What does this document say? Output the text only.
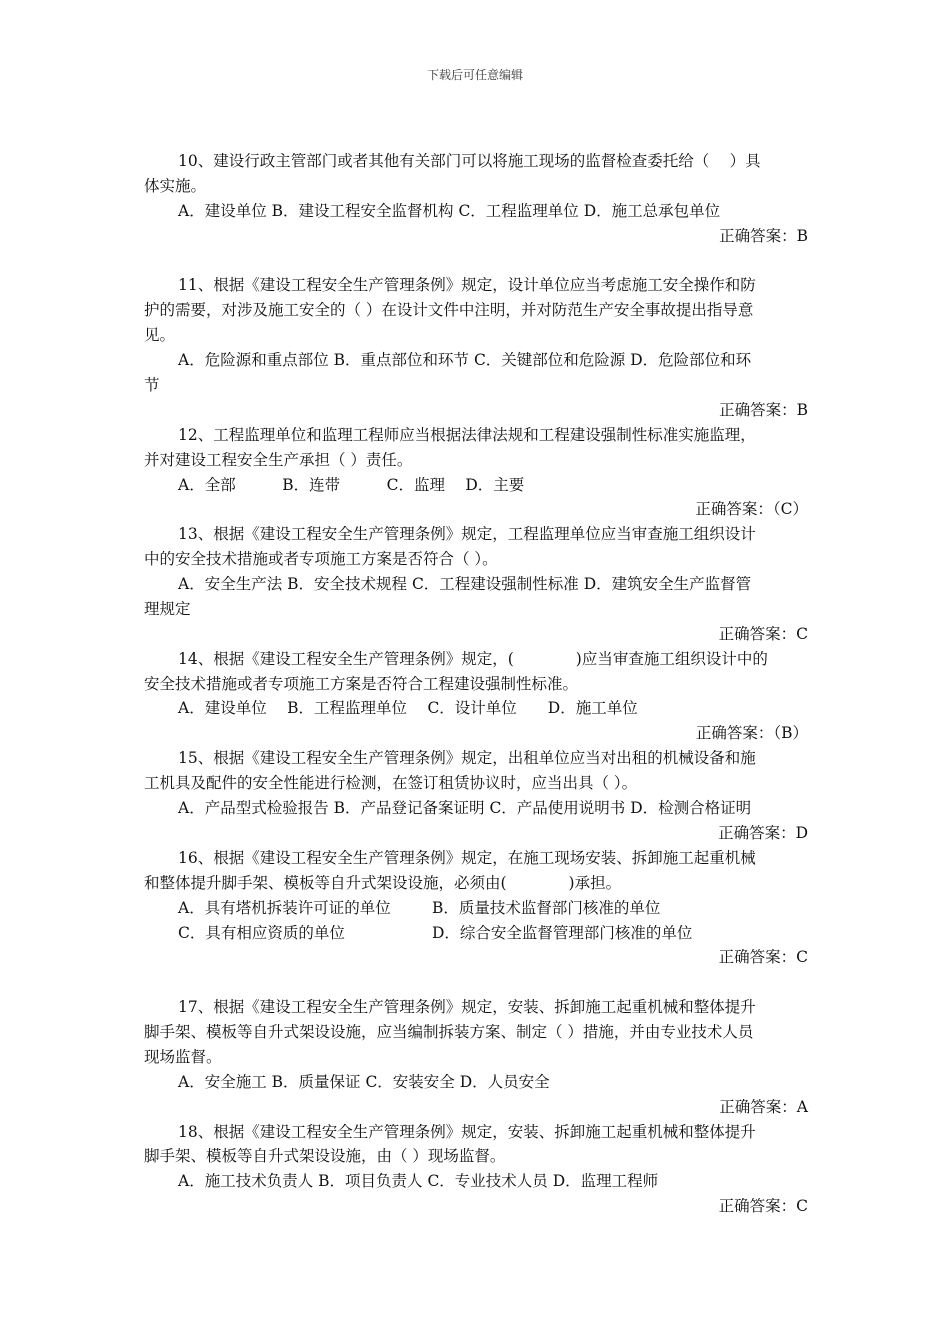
下载后可任意编辑
10、建设行政主管部门或者其他有关部门可以将施工现场的监督检查委托给（　 ）具
体实施。
A．建设单位 B．建设工程安全监督机构 C．工程监理单位 D．施工总承包单位
正确答案：B
11、根据《建设工程安全生产管理条例》规定，设计单位应当考虑施工安全操作和防
护的需要，对涉及施工安全的（ ）在设计文件中注明，并对防范生产安全事故提出指导意
见。
A．危险源和重点部位 B．重点部位和环节 C．关键部位和危险源 D．危险部位和环
节
正确答案：B
12、工程监理单位和监理工程师应当根据法律法规和工程建设强制性标准实施监理，
并对建设工程安全生产承担（ ）责任。
A．全部　　　B．连带　　　C．监理　 D．主要
正确答案：（C）
13、根据《建设工程安全生产管理条例》规定，工程监理单位应当审查施工组织设计
中的安全技术措施或者专项施工方案是否符合（ ）。
A．安全生产法 B．安全技术规程 C．工程建设强制性标准 D．建筑安全生产监督管
理规定
正确答案：C
14、根据《建设工程安全生产管理条例》规定，(　　　　)应当审查施工组织设计中的
安全技术措施或者专项施工方案是否符合工程建设强制性标准。
A．建设单位　 B．工程监理单位　 C．设计单位　　D．施工单位
正确答案：（B）
15、根据《建设工程安全生产管理条例》规定，出租单位应当对出租的机械设备和施
工机具及配件的安全性能进行检测，在签订租赁协议时，应当出具（ ）。
A．产品型式检验报告 B．产品登记备案证明 C．产品使用说明书 D．检测合格证明
正确答案：D
16、根据《建设工程安全生产管理条例》规定，在施工现场安装、拆卸施工起重机械
和整体提升脚手架、模板等自升式架设设施，必须由(　　　　)承担。
A．具有塔机拆装许可证的单位	B．质量技术监督部门核准的单位
C．具有相应资质的单位	D．综合安全监督管理部门核准的单位
正确答案：C
17、根据《建设工程安全生产管理条例》规定，安装、拆卸施工起重机械和整体提升
脚手架、模板等自升式架设设施，应当编制拆装方案、制定（ ）措施，并由专业技术人员
现场监督。
A．安全施工 B．质量保证 C．安装安全 D．人员安全
正确答案：A
18、根据《建设工程安全生产管理条例》规定，安装、拆卸施工起重机械和整体提升
脚手架、模板等自升式架设设施，由（ ）现场监督。
A．施工技术负责人 B．项目负责人 C．专业技术人员 D．监理工程师
正确答案：C
